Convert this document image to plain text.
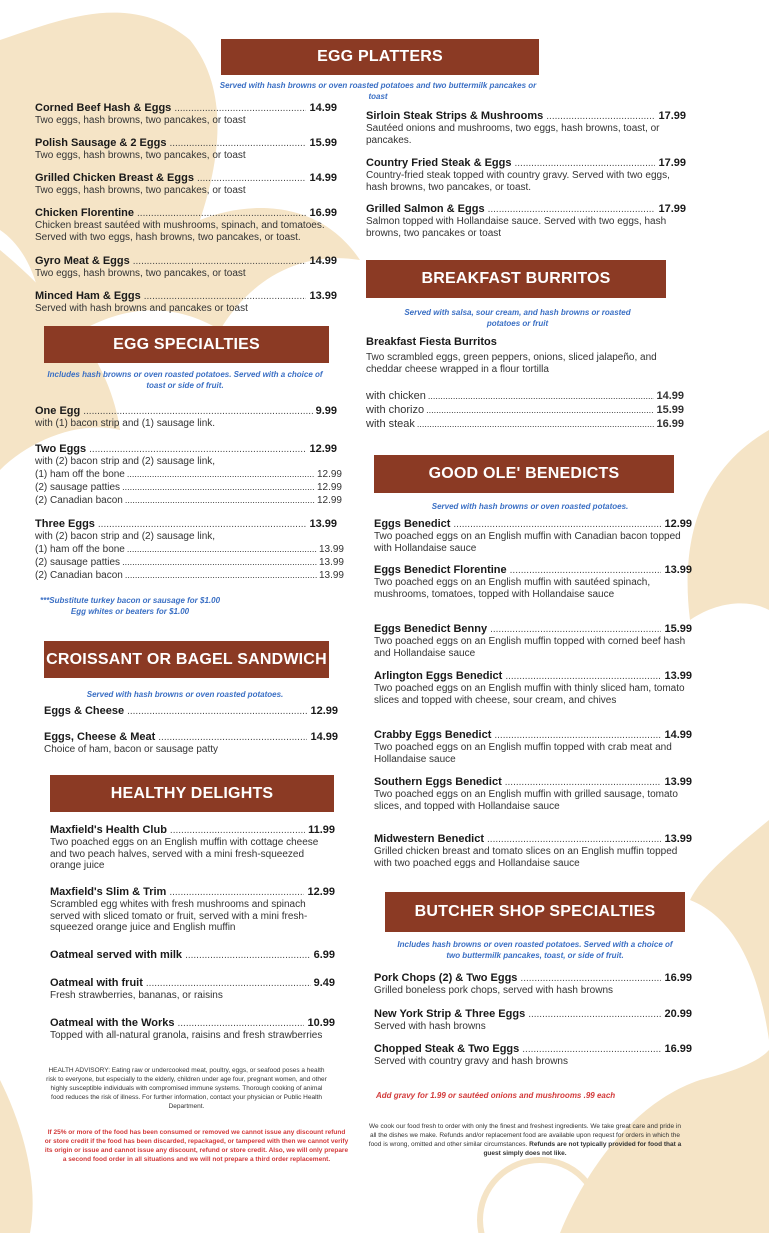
EGG PLATTERS
Served with hash browns or oven roasted potatoes and two buttermilk pancakes or toast
Corned Beef Hash & Eggs .....	14.99
Two eggs, hash browns, two pancakes, or toast
Polish Sausage & 2 Eggs .....	15.99
Two eggs, hash browns, two pancakes, or toast
Grilled Chicken Breast & Eggs .....	14.99
Two eggs, hash browns, two pancakes, or toast
Chicken Florentine .....	16.99
Chicken breast sautéed with mushrooms, spinach, and tomatoes. Served with two eggs, hash browns, two pancakes, or toast.
Gyro Meat & Eggs .....	14.99
Two eggs, hash browns, two pancakes, or toast
Minced Ham & Eggs .....	13.99
Served with hash browns and pancakes or toast
Sirloin Steak Strips & Mushrooms .....	17.99
Sautéed onions and mushrooms, two eggs, hash browns, toast, or pancakes.
Country Fried Steak & Eggs .....	17.99
Country-fried steak topped with country gravy. Served with two eggs, hash browns, two pancakes, or toast.
Grilled Salmon & Eggs .....	17.99
Salmon topped with Hollandaise sauce. Served with two eggs, hash browns, two pancakes or toast
EGG SPECIALTIES
Includes hash browns or oven roasted potatoes. Served with a choice of toast or side of fruit.
One Egg .....	9.99
with (1) bacon strip and (1) sausage link.
Two Eggs .....	12.99
with (2) bacon strip and (2) sausage link,
(1) ham off the bone .....	12.99
(2) sausage patties .....	12.99
(2) Canadian bacon .....	12.99
Three Eggs .....	13.99
with (2) bacon strip and (2) sausage link,
(1) ham off the bone .....	13.99
(2) sausage patties .....	13.99
(2) Canadian bacon .....	13.99
***Substitute turkey bacon or sausage for $1.00
Egg whites or beaters for $1.00
CROISSANT OR BAGEL SANDWICH
Served with hash browns or oven roasted potatoes.
Eggs & Cheese .....	12.99
Eggs, Cheese & Meat .....	14.99
Choice of ham, bacon or sausage patty
HEALTHY DELIGHTS
Maxfield's Health Club .....	11.99
Two poached eggs on an English muffin with cottage cheese and two peach halves, served with a mini fresh-squeezed orange juice
Maxfield's Slim & Trim .....	12.99
Scrambled egg whites with fresh mushrooms and spinach served with sliced tomato or fruit, served with a mini fresh-squeezed orange juice and English muffin
Oatmeal served with milk .....	6.99
Oatmeal with fruit .....	9.49
Fresh strawberries, bananas, or raisins
Oatmeal with the Works .....	10.99
Topped with all-natural granola, raisins and fresh strawberries
HEALTH ADVISORY: Eating raw or undercooked meat, poultry, eggs, or seafood poses a health risk to everyone, but especially to the elderly, children under age four, pregnant women, and other highly susceptible individuals with compromised immune systems. Thorough cooking of animal food reduces the risk of illness. For further information, contact your physician or Public Health Department.
If 25% or more of the food has been consumed or removed we cannot issue any discount refund or store credit if the food has been discarded, repackaged, or tampered with then we cannot verify its origin or issue and cannot issue any discount, refund or store credit. Also, we will only prepare a second food order in all situations and we will not prepare a third order replacement.
BREAKFAST BURRITOS
Served with salsa, sour cream, and hash browns or roasted potatoes or fruit
Breakfast Fiesta Burritos
Two scrambled eggs, green peppers, onions, sliced jalapeño, and cheddar cheese wrapped in a flour tortilla
with chicken .....	14.99
with chorizo .....	15.99
with steak .....	16.99
GOOD OLE' BENEDICTS
Served with hash browns or oven roasted potatoes.
Eggs Benedict .....	12.99
Two poached eggs on an English muffin with Canadian bacon topped with Hollandaise sauce
Eggs Benedict Florentine .....	13.99
Two poached eggs on an English muffin with sautéed spinach, mushrooms, tomatoes, topped with Hollandaise sauce
Eggs Benedict Benny .....	15.99
Two poached eggs on an English muffin topped with corned beef hash and Hollandaise sauce
Arlington Eggs Benedict .....	13.99
Two poached eggs on an English muffin with thinly sliced ham, tomato slices and topped with cheese, sour cream, and chives
Crabby Eggs Benedict .....	14.99
Two poached eggs on an English muffin topped with crab meat and Hollandaise sauce
Southern Eggs Benedict .....	13.99
Two poached eggs on an English muffin with grilled sausage, tomato slices, and topped with Hollandaise sauce
Midwestern Benedict .....	13.99
Grilled chicken breast and tomato slices on an English muffin topped with two poached eggs and Hollandaise sauce
BUTCHER SHOP SPECIALTIES
Includes hash browns or oven roasted potatoes. Served with a choice of two buttermilk pancakes, toast, or side of fruit.
Pork Chops (2) & Two Eggs .....	16.99
Grilled boneless pork chops, served with hash browns
New York Strip & Three Eggs .....	20.99
Served with hash browns
Chopped Steak & Two Eggs .....	16.99
Served with country gravy and hash browns
Add gravy for 1.99 or sautéed onions and mushrooms .99 each
We cook our food fresh to order with only the finest and freshest ingredients. We take great care and pride in all the dishes we make. Refunds and/or replacement food are available upon request for orders in which the food is wrong, omitted and other similar circumstances. Refunds are not typically provided for food that a guest simply does not like.
